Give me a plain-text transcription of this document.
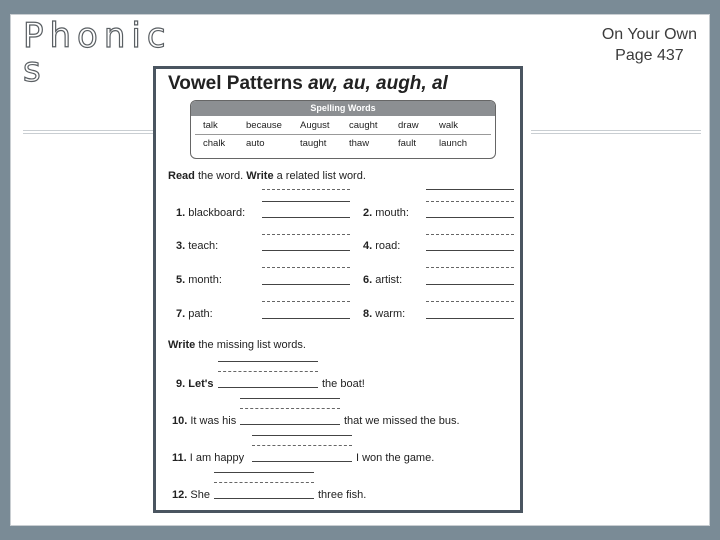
Phonics
On Your Own
Page 437
Vowel Patterns aw, au, augh, al
Spelling Words
talk	because August caught draw walk
chalk auto	taught thaw	fault launch
Read the word. Write a related list word.
1. blackboard:
3. teach:
5. month:
7. path:
2. mouth:
4. road:
6. artist:
8. warm:
Write the missing list words.
9. Let's	the boat!
10. It was his	that we missed the bus.
11. I am happy	I won the game.
12. She	three fish.
